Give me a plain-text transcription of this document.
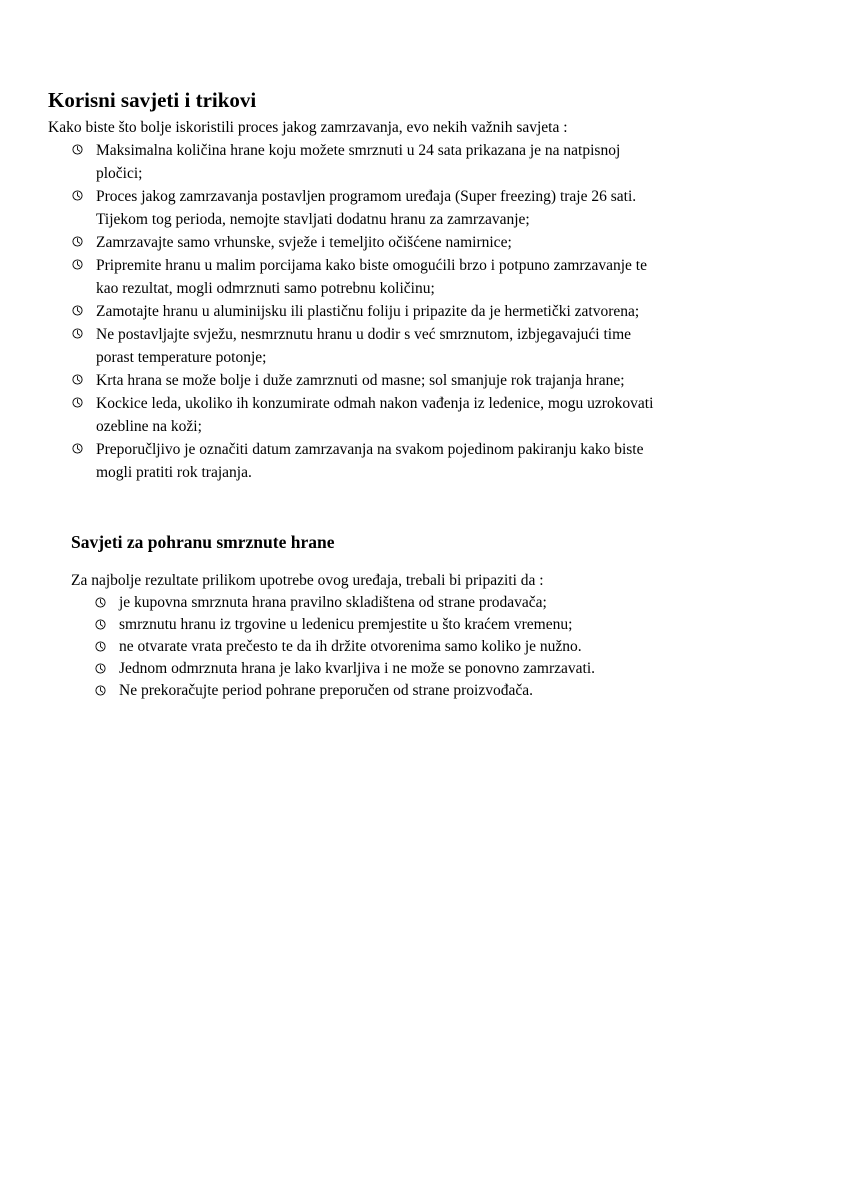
Korisni savjeti i trikovi

Kako biste što bolje iskoristili proces jakog zamrzavanja, evo nekih važnih savjeta :

Maksimalna količina hrane koju možete smrznuti u 24 sata prikazana je na natpisnoj pločici;
Proces jakog zamrzavanja postavljen programom uređaja (Super freezing) traje 26 sati. Tijekom tog perioda, nemojte stavljati dodatnu hranu za zamrzavanje;
Zamrzavajte samo vrhunske, svježe i temeljito očišćene namirnice;
Pripremite hranu u malim porcijama kako biste omogućili brzo i potpuno zamrzavanje te kao rezultat, mogli odmrznuti samo potrebnu količinu;
Zamotajte hranu u aluminijsku ili plastičnu foliju i pripazite da je hermetički zatvorena;
Ne postavljajte svježu, nesmrznutu hranu u dodir s već smrznutom, izbjegavajući time porast temperature potonje;
Krta hrana se može bolje i duže zamrznuti od masne; sol smanjuje rok trajanja hrane;
Kockice leda, ukoliko ih konzumirate odmah nakon vađenja iz ledenice, mogu uzrokovati ozebline na koži;
Preporučljivo je označiti datum zamrzavanja na svakom pojedinom pakiranju kako biste mogli pratiti rok trajanja.
Savjeti za pohranu smrznute hrane

Za najbolje rezultate prilikom upotrebe ovog uređaja, trebali bi pripaziti da :

je kupovna smrznuta hrana pravilno skladištena od strane prodavača;
smrznutu hranu iz trgovine u ledenicu premjestite u što kraćem vremenu;
ne otvarate vrata prečesto te da ih držite otvorenima samo koliko je nužno.
Jednom odmrznuta hrana je lako kvarljiva i ne može se ponovno zamrzavati.
Ne prekoračujte period pohrane preporučen od strane proizvođača.
